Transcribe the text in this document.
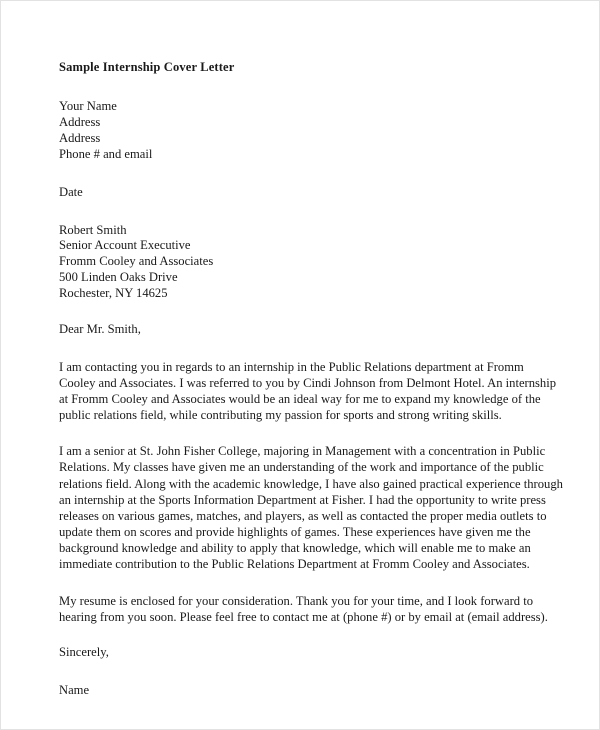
Sample Internship Cover Letter
Your Name
Address
Address
Phone # and email
Date
Robert Smith
Senior Account Executive
Fromm Cooley and Associates
500 Linden Oaks Drive
Rochester, NY 14625

Dear Mr. Smith,

I am contacting you in regards to an internship in the Public Relations department at Fromm Cooley and Associates. I was referred to you by Cindi Johnson from Delmont Hotel. An internship at Fromm Cooley and Associates would be an ideal way for me to expand my knowledge of the public relations field, while contributing my passion for sports and strong writing skills.

I am a senior at St. John Fisher College, majoring in Management with a concentration in Public Relations. My classes have given me an understanding of the work and importance of the public relations field. Along with the academic knowledge, I have also gained practical experience through an internship at the Sports Information Department at Fisher. I had the opportunity to write press releases on various games, matches, and players, as well as contacted the proper media outlets to update them on scores and provide highlights of games. These experiences have given me the background knowledge and ability to apply that knowledge, which will enable me to make an immediate contribution to the Public Relations Department at Fromm Cooley and Associates.

My resume is enclosed for your consideration. Thank you for your time, and I look forward to hearing from you soon. Please feel free to contact me at (phone #) or by email at (email address).

Sincerely,

Name
